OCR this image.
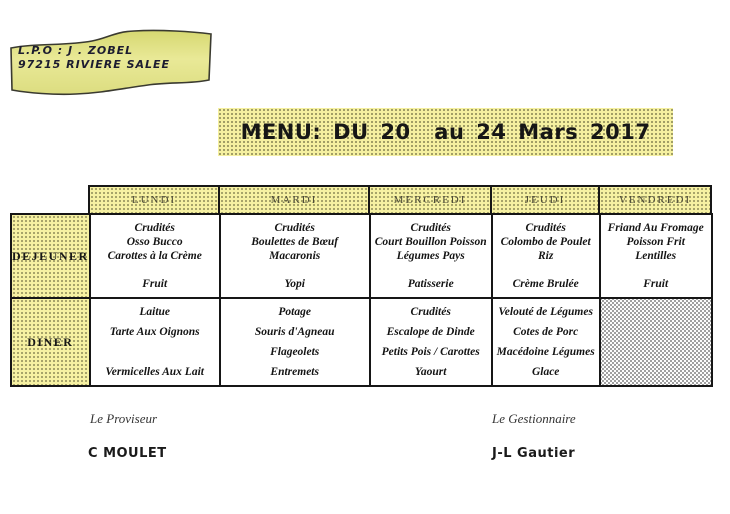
L.P.O : J . ZOBEL
97215 RIVIERE SALEE
MENU: DU 20  au 24 Mars 2017
LUNDI	MARDI	MERCREDI	JEUDI	VENDREDI
DEJEUNER	Crudités
Osso Bucco
Carottes à la Crème

Fruit	Crudités
Boulettes de Bœuf
Macaronis

Yopi	Crudités
Court Bouillon Poisson
Légumes Pays

Patisserie	Crudités
Colombo de Poulet
Riz

Crème Brulée	Friand Au Fromage
Poisson Frit
Lentilles

Fruit
DINER	Laitue
Tarte Aux Oignons

Vermicelles Aux Lait	Potage
Souris d'Agneau
Flageolets
Entremets	Crudités
Escalope de Dinde
Petits Pois / Carottes
Yaourt	Velouté de Légumes
Cotes de Porc
Macédoine Légumes
Glace	
Le Proviseur
C MOULET
Le Gestionnaire
J-L Gautier
